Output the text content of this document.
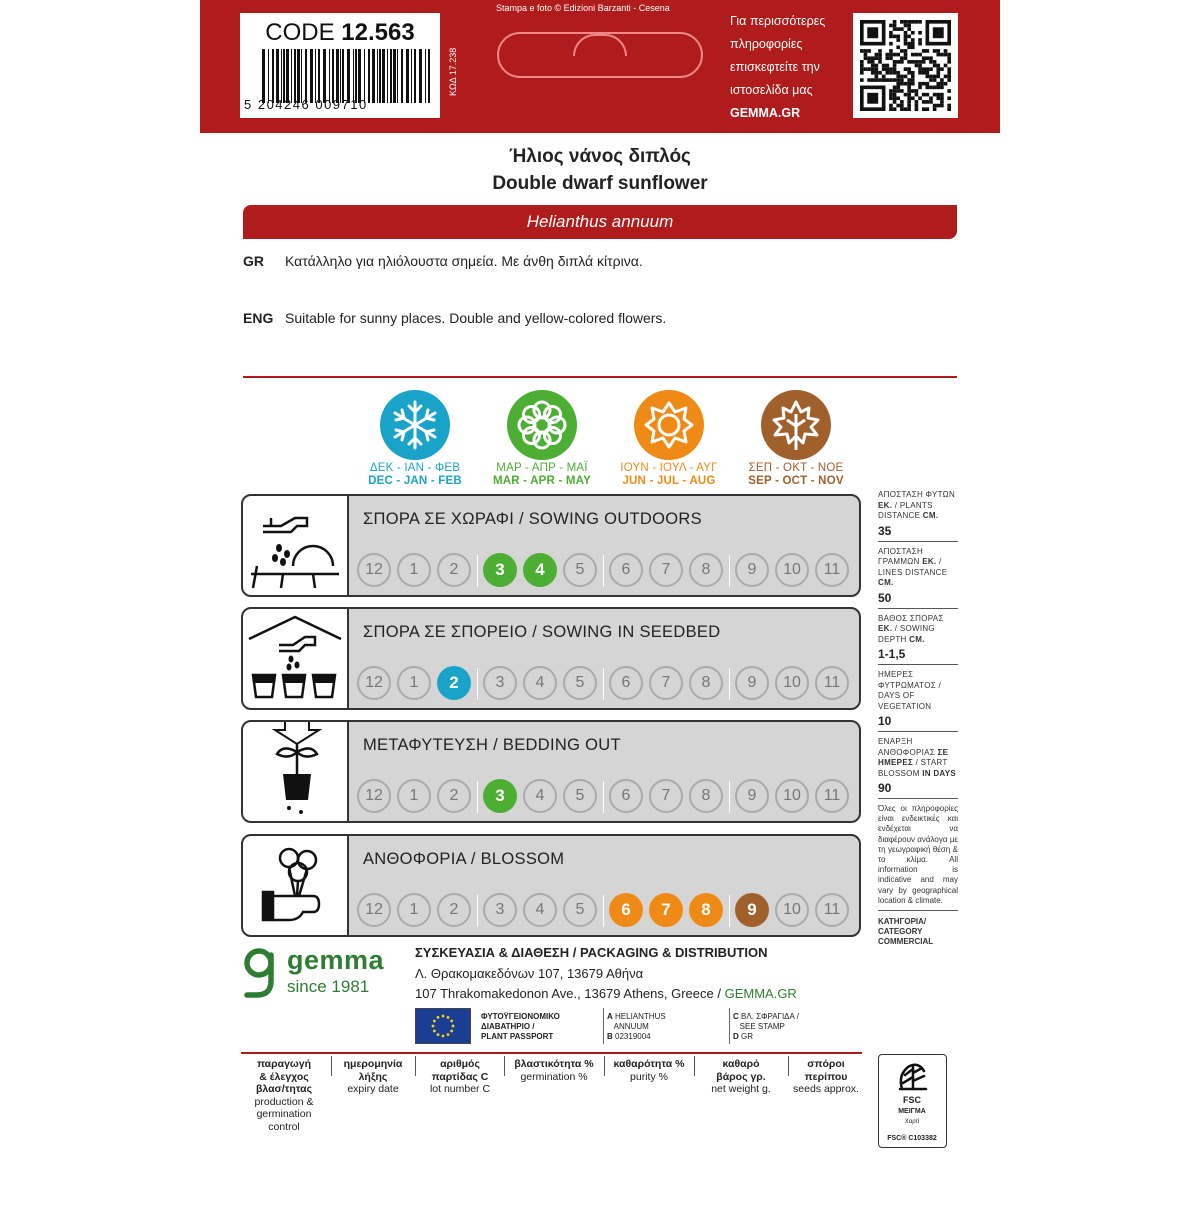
CODE 12.563
5 204246 009710
ΚΩΔ 17.238
Stampa e foto © Edizioni Barzanti - Cesena
Για περισσότερες
πληροφορίες
επισκεφτείτε την
ιστοσελίδα μας
GEMMA.GR
Ήλιος νάνος διπλός
Double dwarf sunflower
Helianthus annuum
GR Κατάλληλο για ηλιόλουστα σημεία. Με άνθη διπλά κίτρινα.
ENG Suitable for sunny places. Double and yellow-colored flowers.
ΔΕΚ - ΙΑΝ - ΦΕΒ
DEC - JAN - FEB
ΜΑΡ - ΑΠΡ - ΜΑΪ
MAR - APR - MAY
ΙΟΥΝ - ΙΟΥΛ - ΑΥΓ
JUN - JUL - AUG
ΣΕΠ - ΟΚΤ - ΝΟΕ
SEP - OCT - NOV
ΣΠΟΡΑ ΣΕ ΧΩΡΑΦΙ / SOWING OUTDOORS
12	1	2	3	4	5	6	7	8	9	10	11
ΣΠΟΡΑ ΣΕ ΣΠΟΡΕΙΟ / SOWING IN SEEDBED
12	1	2	3	4	5	6	7	8	9	10	11
ΜΕΤΑΦΥΤΕΥΣΗ / BEDDING OUT
12	1	2	3	4	5	6	7	8	9	10	11
ΑΝΘΟΦΟΡΙΑ / BLOSSOM
12	1	2	3	4	5	6	7	8	9	10	11
ΑΠΟΣΤΑΣΗ ΦΥΤΩΝ ΕΚ. / PLANTS DISTANCE CM.
35
ΑΠΟΣΤΑΣΗ ΓΡΑΜΜΩΝ ΕΚ. / LINES DISTANCE CM.
50
ΒΑΘΟΣ ΣΠΟΡΑΣ ΕΚ. / SOWING DEPTH CM.
1-1,5
ΗΜΕΡΕΣ ΦΥΤΡΩΜΑΤΟΣ / DAYS OF VEGETATION
10
ΕΝΑΡΞΗ ΑΝΘΟΦΟΡΙΑΣ ΣΕ ΗΜΕΡΕΣ / START BLOSSOM IN DAYS
90
Όλες οι πληροφορίες είναι ενδεικτικές και ενδέχεται να διαφέρουν ανάλογα με τη γεωγραφική θέση & το κλίμα. All information is indicative and may vary by geographical location & climate.
ΚΑΤΗΓΟΡΙΑ/ CATEGORY
COMMERCIAL
gemma
since 1981
ΣΥΣΚΕΥΑΣΙΑ & ΔΙΑΘΕΣΗ / PACKAGING & DISTRIBUTION
Λ. Θρακομακεδόνων 107, 13679 Αθήνα
107 Thrakomakedonon Ave., 13679 Athens, Greece / GEMMA.GR
ΦΥΤΟΫΓΕΙΟΝΟΜΙΚΟ
ΔΙΑΒΑΤΗΡΙΟ /
PLANT PASSPORT
A HELIANTHUS
ANNUUM
B 02319004
C ΒΛ. ΣΦΡΑΓΙΔΑ /
SEE STAMP
D GR
παραγωγή
& έλεγχος
βλασ/τητας
production &
germination
control
ημερομηνία
λήξης
expiry date
αριθμός
παρτίδας C
lot number C
βλαστικότητα %
germination %
καθαρότητα %
purity %
καθαρό
βάρος γρ.
net weight g.
σπόροι
περίπου
seeds approx.
FSC
ΜΕΙΓΜΑ
Χαρτί
FSC® C103382
